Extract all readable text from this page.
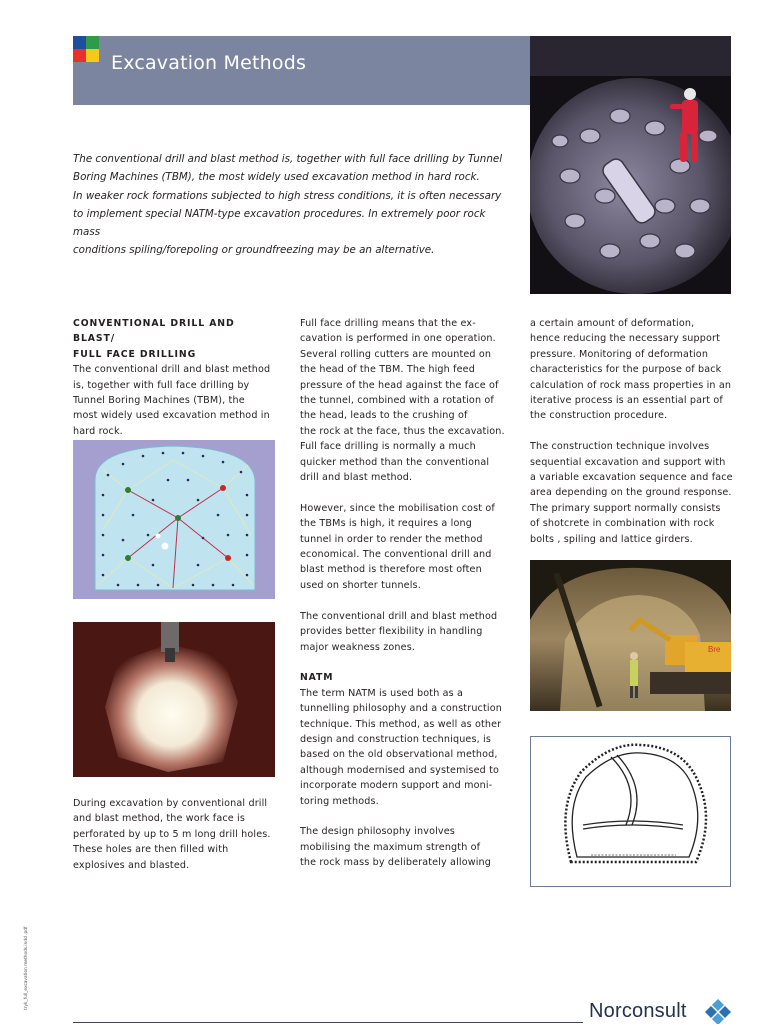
Excavation Methods

The conventional drill and blast method is, together with full face drilling by Tunnel

Boring Machines (TBM), the most widely used excavation method in hard rock.

In weaker rock formations subjected to high stress conditions, it is often necessary

to implement special NATM-type excavation procedures. In extremely poor rock mass

conditions spiling/forepoling or groundfreezing may be an alternative.

CONVENTIONAL DRILL AND BLAST/
FULL FACE DRILLING
The conventional drill and blast method
is, together with full face drilling by
Tunnel Boring Machines (TBM), the
most widely used excavation method in
hard rock.
During excavation by conventional drill
and blast method, the work face is
perforated by up to 5 m long drill holes.
These holes are then filled with
explosives and blasted.

Full face drilling means that the ex-
cavation is performed in one operation.
Several rolling cutters are mounted on
the head of the TBM. The high feed
pressure of the head against the face of
the tunnel, combined with a rotation of
the head, leads to the crushing of
the rock at the face, thus the excavation.
Full face drilling is normally a much
quicker method than the conventional
drill and blast method.

However, since the mobilisation cost of
the TBMs is high, it requires a long
tunnel in order to render the method
economical. The conventional drill and
blast method is therefore most often
used on shorter tunnels.

The conventional drill and blast method
provides better flexibility in handling
major weakness zones.

NATM
The term NATM is used both as a
tunnelling philosophy and a construction
technique. This method, as well as other
design and construction techniques, is
based on the old observational method,
although modernised and systemised to
incorporate modern support and moni-
toring methods.

The design philosophy involves
mobilising the maximum strength of
the rock mass by deliberately allowing

a certain amount of deformation,
hence reducing the necessary support
pressure. Monitoring of deformation
characteristics for the purpose of back
calculation of rock mass properties in an
iterative process is an essential part of
the construction procedure.

The construction technique involves
sequential excavation and support with
a variable excavation sequence and face
area depending on the ground response.
The primary support normally consists
of shotcrete in combination with rock
bolts , spiling and lattice girders.

Bre
tryk_full_excavation methods.indd .pdf
Norconsult
